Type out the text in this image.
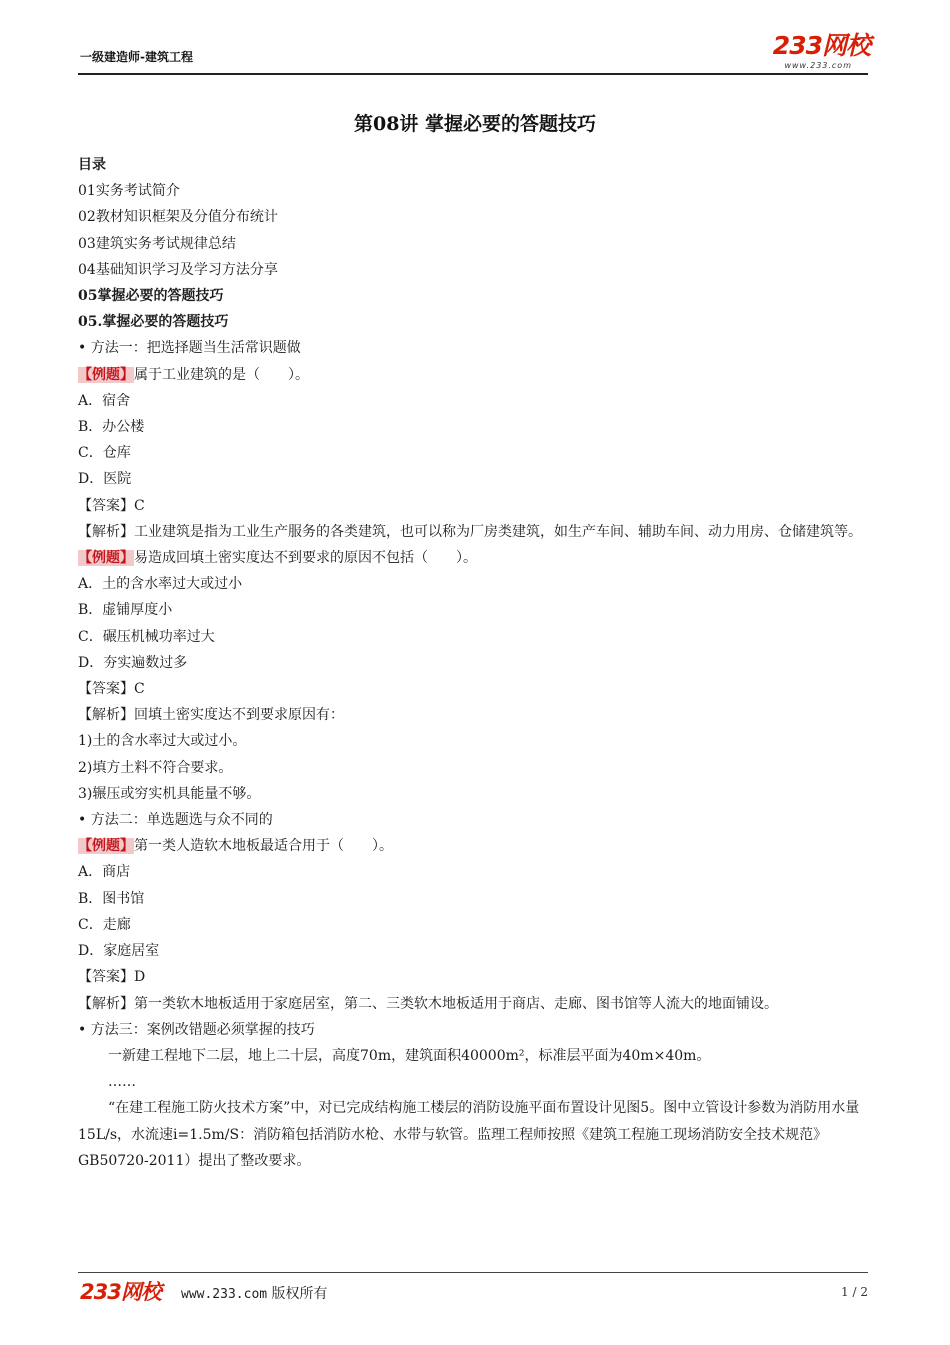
一级建造师-建筑工程	233网校
www.233.com
第08讲 掌握必要的答题技巧
目录
01实务考试简介
02教材知识框架及分值分布统计
03建筑实务考试规律总结
04基础知识学习及学习方法分享
05掌握必要的答题技巧
05.掌握必要的答题技巧
• 方法一：把选择题当生活常识题做
【例题】属于工业建筑的是（　　）。
A．宿舍
B．办公楼
C．仓库
D．医院
【答案】C
【解析】工业建筑是指为工业生产服务的各类建筑，也可以称为厂房类建筑，如生产车间、辅助车间、动力用房、仓储建筑等。
【例题】易造成回填土密实度达不到要求的原因不包括（　　）。
A．土的含水率过大或过小
B．虚铺厚度小
C．碾压机械功率过大
D．夯实遍数过多
【答案】C
【解析】回填土密实度达不到要求原因有：
1)土的含水率过大或过小。
2)填方土料不符合要求。
3)辗压或穷实机具能量不够。
• 方法二：单选题选与众不同的
【例题】第一类人造软木地板最适合用于（　　）。
A．商店
B．图书馆
C．走廊
D．家庭居室
【答案】D
【解析】第一类软木地板适用于家庭居室，第二、三类软木地板适用于商店、走廊、图书馆等人流大的地面铺设。
• 方法三：案例改错题必须掌握的技巧
一新建工程地下二层，地上二十层，高度70m，建筑面积40000m²，标准层平面为40m×40m。
……
“在建工程施工防火技术方案”中，对已完成结构施工楼层的消防设施平面布置设计见图5。图中立管设计参数为消防用水量15L/s，水流速i=1.5m/S：消防箱包括消防水枪、水带与软管。监理工程师按照《建筑工程施工现场消防安全技术规范》GB50720-2011）提出了整改要求。
233网校 www.233.com 版权所有	1 / 2
